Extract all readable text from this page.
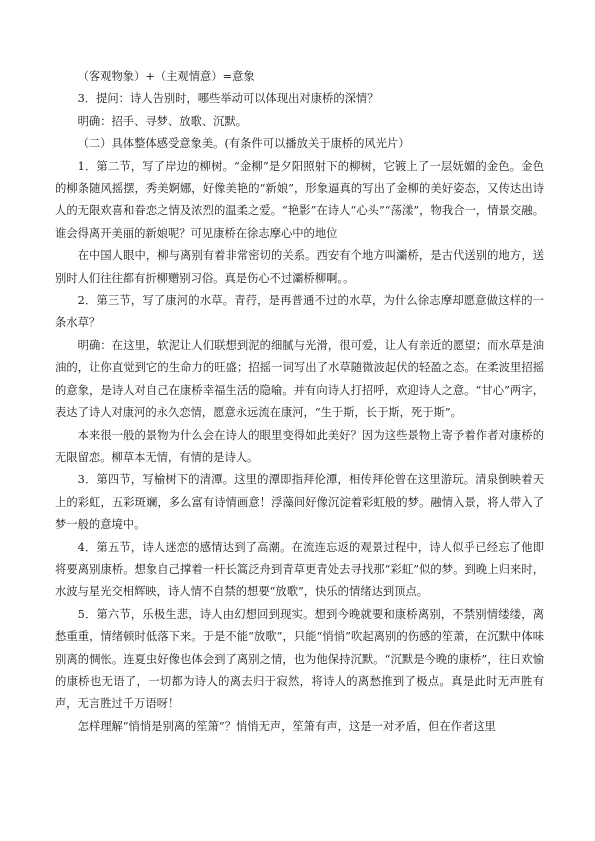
（客观物象）+（主观情意）=意象

3．提问：诗人告别时，哪些举动可以体现出对康桥的深情？

明确：招手、寻梦、放歌、沉默。

（二）具体整体感受意象美。(有条件可以播放关于康桥的风光片）

1．第二节，写了岸边的柳树。“金柳”是夕阳照射下的柳树，它镀上了一层妩媚的金色。金色的柳条随风摇摆，秀美婀娜，好像美艳的“新娘”，形象逼真的写出了金柳的美好姿态，又传达出诗人的无限欢喜和眷恋之情及浓烈的温柔之爱。“艳影”在诗人“心头”“荡漾”，物我合一，情景交融。谁会得离开美丽的新娘呢？可见康桥在徐志摩心中的地位

在中国人眼中，柳与离别有着非常密切的关系。西安有个地方叫灞桥，是古代送别的地方，送别时人们往往都有折柳赠别习俗。真是伤心不过灞桥柳啊。。

2．第三节，写了康河的水草。青荇，是再普通不过的水草，为什么徐志摩却愿意做这样的一条水草？

明确：在这里，软泥让人们联想到泥的细腻与光滑，很可爱，让人有亲近的愿望；而水草是油油的，让你直觉到它的生命力的旺盛；招摇一词写出了水草随微波起伏的轻盈之态。在柔波里招摇的意象，是诗人对自己在康桥幸福生活的隐喻。并有向诗人打招呼，欢迎诗人之意。“甘心”两字，表达了诗人对康河的永久恋情，愿意永远流在康河，“生于斯，长于斯，死于斯”。

本来很一般的景物为什么会在诗人的眼里变得如此美好？因为这些景物上寄予着作者对康桥的无限留恋。柳草本无情，有情的是诗人。

3．第四节，写榆树下的清潭。这里的潭即指拜伦潭，相传拜伦曾在这里游玩。清泉倒映着天上的彩虹，五彩斑斓，多么富有诗情画意！浮藻间好像沉淀着彩虹般的梦。融情入景，将人带入了梦一般的意境中。

4．第五节，诗人迷恋的感情达到了高潮。在流连忘返的观景过程中，诗人似乎已经忘了他即将要离别康桥。想象自己撑着一杆长篙泛舟到青草更青处去寻找那“彩虹”似的梦。到晚上归来时，水波与星光交相辉映，诗人情不自禁的想要“放歌”，快乐的情绪达到顶点。

5．第六节，乐极生悲，诗人由幻想回到现实。想到今晚就要和康桥离别，不禁别情缕缕，离愁重重，情绪顿时低落下来。于是不能“放歌”，只能“悄悄”吹起离别的伤感的笙萧，在沉默中体味别离的惆怅。连夏虫好像也体会到了离别之情，也为他保持沉默。“沉默是今晚的康桥”，往日欢愉的康桥也无语了，一切都为诗人的离去归于寂然，将诗人的离愁推到了极点。真是此时无声胜有声，无言胜过千万语呀！

怎样理解“悄悄是别离的笙箫”？悄悄无声，笙箫有声，这是一对矛盾，但在作者这里
